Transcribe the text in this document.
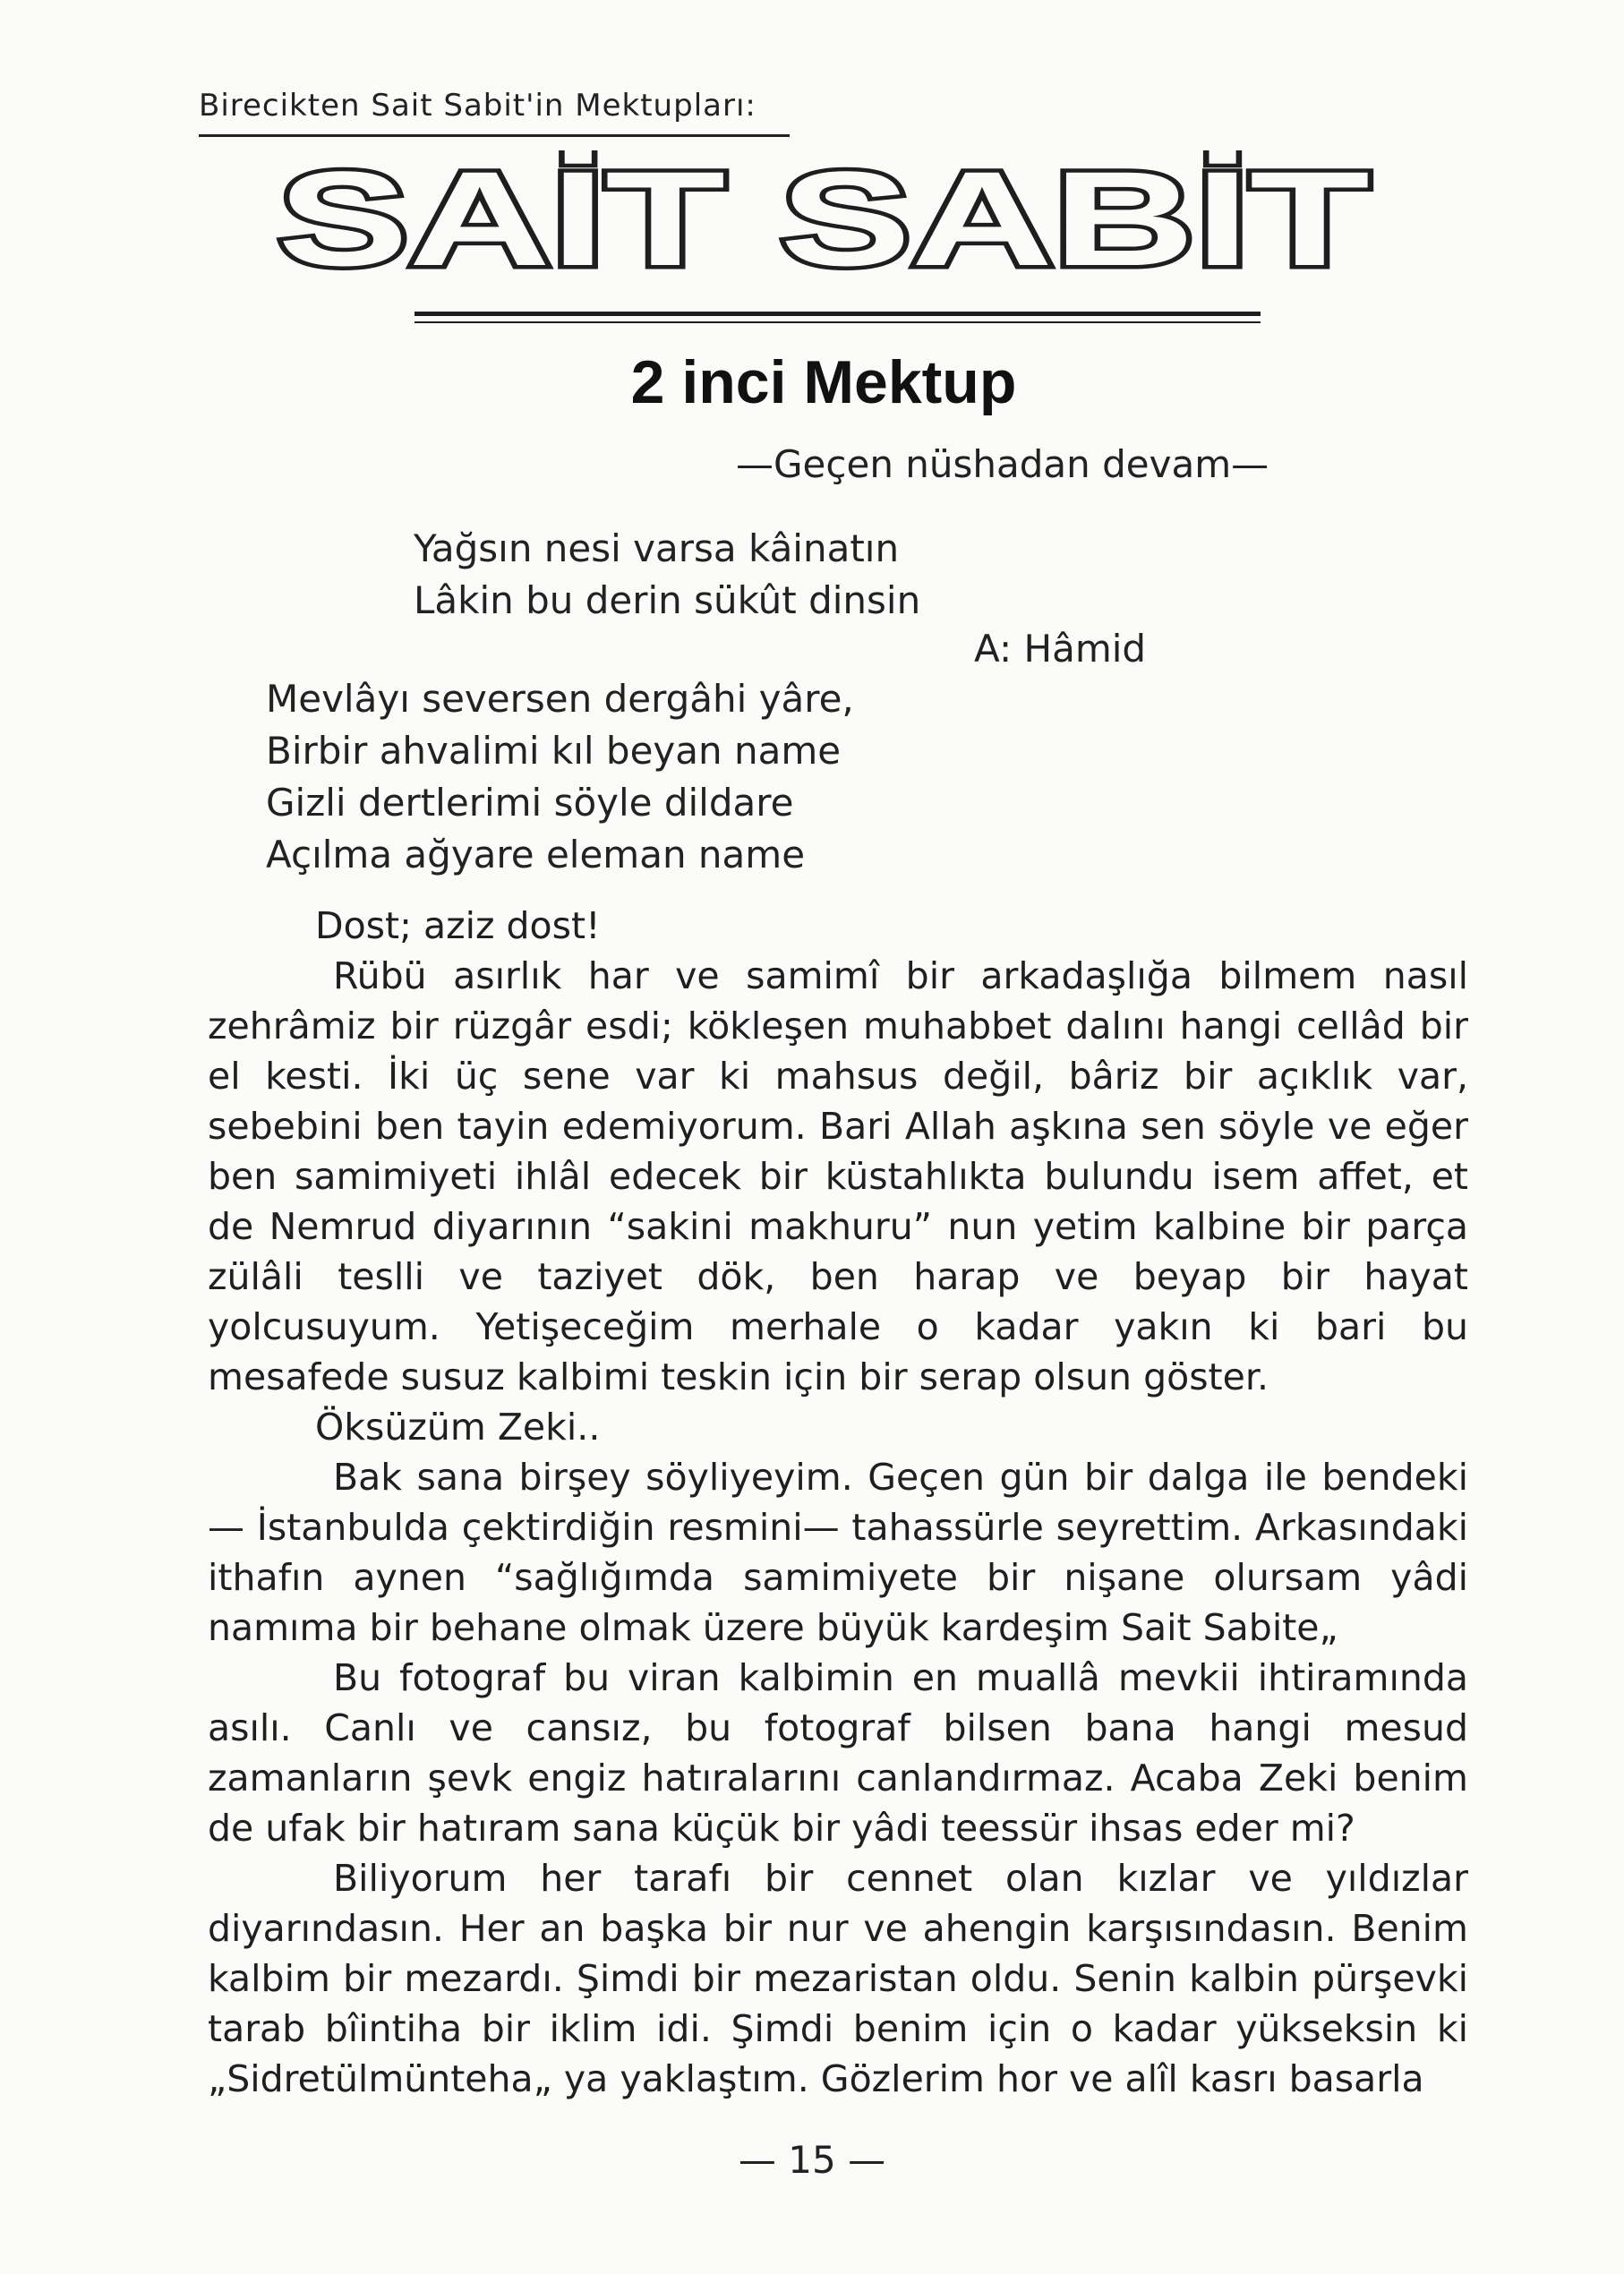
Birecikten Sait Sabit'in Mektupları:
SAİT SABİT
2 inci Mektup
—Geçen nüshadan devam—
Yağsın nesi varsa kâinatın
Lâkin bu derin sükût dinsin
A: Hâmid
Mevlâyı seversen dergâhi yâre,
Birbir ahvalimi kıl beyan name
Gizli dertlerimi söyle dildare
Açılma ağyare eleman name

Dost; aziz dost!

Rübü asırlık har ve samimî bir arkadaşlığa bilmem nasıl zehrâmiz bir rüzgâr esdi; kökleşen muhabbet dalını hangi cellâd bir el kesti. İki üç sene var ki mahsus değil, bâriz bir açıklık var, sebebini ben tayin edemiyorum. Bari Allah aşkına sen söyle ve eğer ben samimiyeti ihlâl edecek bir küstahlıkta bulundu isem affet, et de Nemrud diyarının “sakini makhuru” nun yetim kalbine bir parça zülâli teslli̇ ve taziyet dök, ben harap ve beyap bir hayat yolcusuyum. Yetişeceğim merhale o kadar yakın ki bari bu mesafede susuz kalbimi teskin için bir serap olsun göster.

Öksüzüm Zeki..

Bak sana birşey söyliyeyim. Geçen gün bir dalga ile bendeki — İstanbulda çektirdiğin resmini— tahassürle seyrettim. Arkasındaki ithafın aynen “sağlığımda samimiyete bir nişane olursam yâdi namıma bir behane olmak üzere büyük kardeşim Sait Sabite„

Bu fotograf bu viran kalbimin en muallâ mevkii ihtiramında asılı. Canlı ve cansız, bu fotograf bilsen bana hangi mesud zamanların şevk engiz hatıralarını canlandırmaz. Acaba Zeki benim de ufak bir hatıram sana küçük bir yâdi teessür ihsas eder mi?

Biliyorum her tarafı bir cennet olan kızlar ve yıldızlar diyarındasın. Her an başka bir nur ve ahengin karşısındasın. Benim kalbim bir mezardı. Şimdi bir mezaristan oldu. Senin kalbin pürşevki tarab bîintiha bir iklim idi. Şimdi benim için o kadar yükseksin ki „Sidretülmünteha„ ya yaklaştım. Gözlerim hor ve alîl kasrı basarla

— 15 —
